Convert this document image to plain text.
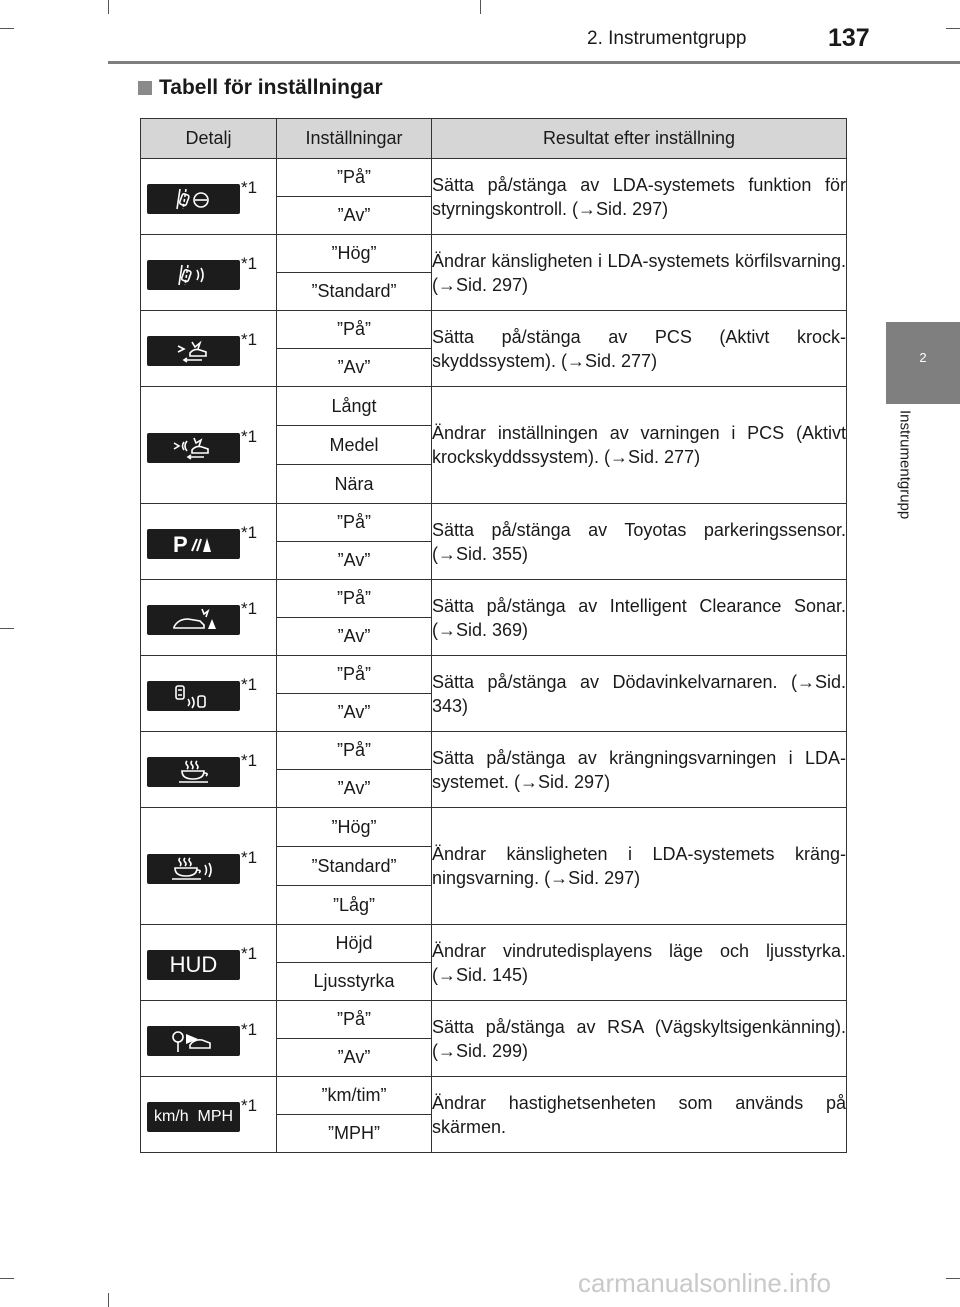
2. Instrumentgrupp	137
2
Instrumentgrupp
Tabell för inställningar
Detalj	Inställningar	Resultat efter inställning

*1	”På”	Sätta på/stänga av LDA-systemets funktion för styrningskontroll. (→Sid. 297)
	”Av”	

*1	”Hög”	Ändrar känsligheten i LDA-systemets körfilsvarning. (→Sid. 297)
	”Standard”	

*1	”På”	Sätta på/stänga av PCS (Aktivt krockskyddssystem). (→Sid. 277)
	”Av”	

*1	Långt	Ändrar inställningen av varningen i PCS (Aktivt krockskyddssystem). (→Sid. 277)
	Medel	
	Nära	

P *1	”På”	Sätta på/stänga av Toyotas parkeringssensor. (→Sid. 355)
	”Av”	

*1	”På”	Sätta på/stänga av Intelligent Clearance Sonar. (→Sid. 369)
	”Av”	

*1	”På”	Sätta på/stänga av Dödavinkelvarnaren. (→Sid. 343)
	”Av”	

*1	”På”	Sätta på/stänga av krängningsvarningen i LDA-systemet. (→Sid. 297)
	”Av”	

*1	”Hög”	Ändrar känsligheten i LDA-systemets krängningsvarning. (→Sid. 297)
	”Standard”	
	”Låg”	

HUD *1	Höjd	Ändrar vindrutedisplayens läge och ljusstyrka. (→Sid. 145)
	Ljusstyrka	

*1	”På”	Sätta på/stänga av RSA (Vägskyltsigenkänning). (→Sid. 299)
	”Av”	

km/h  MPH
*1	”km/tim”	Ändrar hastighetsenheten som används på skärmen.
	”MPH”	
carmanualsonline.info
